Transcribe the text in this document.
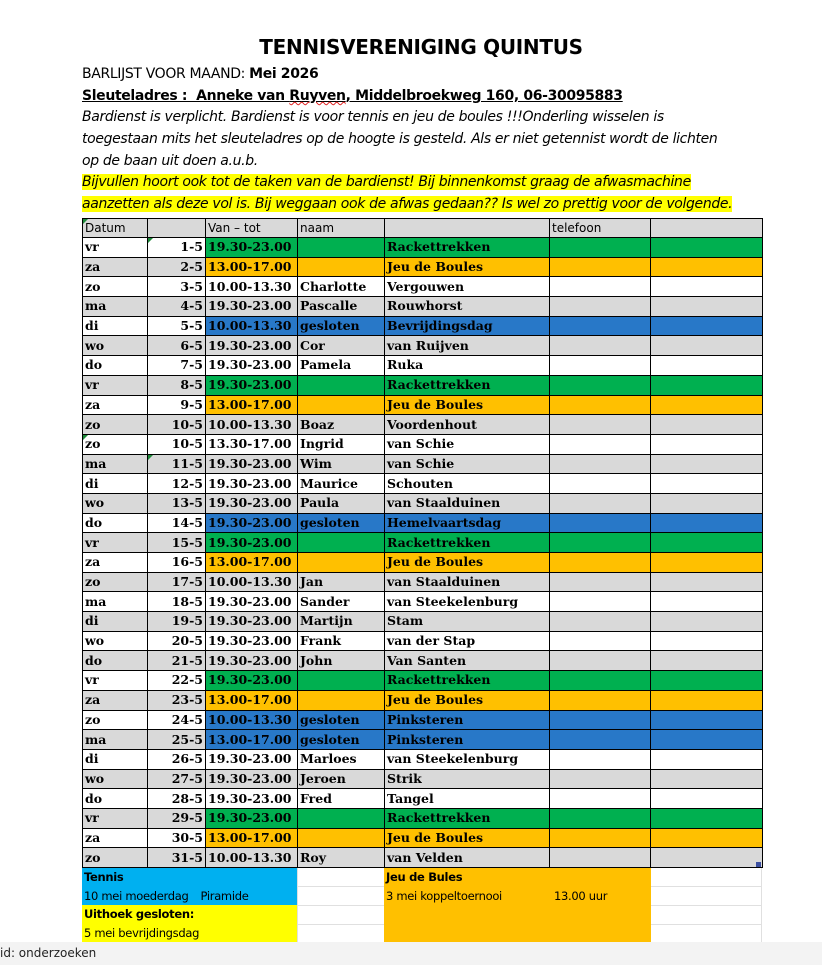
TENNISVERENIGING QUINTUS
BARLIJST VOOR MAAND: Mei 2026
Sleuteladres :  Anneke van Ruyven, Middelbroekweg 160, 06-30095883
Bardienst is verplicht. Bardienst is voor tennis en jeu de boules !!!Onderling wisselen is
toegestaan mits het sleuteladres op de hoogte is gesteld. Als er niet getennist wordt de lichten
op de baan uit doen a.u.b.
Bijvullen hoort ook tot de taken van de bardienst! Bij binnenkomst graag de afwasmachine
aanzetten als deze vol is. Bij weggaan ook de afwas gedaan?? Is wel zo prettig voor de volgende.
Datum		Van – tot	naam		telefoon	
vr	1-5	19.30-23.00		Rackettrekken		
za	2-5	13.00-17.00		Jeu de Boules		
zo	3-5	10.00-13.30	Charlotte	Vergouwen		
ma	4-5	19.30-23.00	Pascalle	Rouwhorst		
di	5-5	10.00-13.30	gesloten	Bevrijdingsdag		
wo	6-5	19.30-23.00	Cor	van Ruijven		
do	7-5	19.30-23.00	Pamela	Ruka		
vr	8-5	19.30-23.00		Rackettrekken		
za	9-5	13.00-17.00		Jeu de Boules		
zo	10-5	10.00-13.30	Boaz	Voordenhout		
zo	10-5	13.30-17.00	Ingrid	van Schie		
ma	11-5	19.30-23.00	Wim	van Schie		
di	12-5	19.30-23.00	Maurice	Schouten		
wo	13-5	19.30-23.00	Paula	van Staalduinen		
do	14-5	19.30-23.00	gesloten	Hemelvaartsdag		
vr	15-5	19.30-23.00		Rackettrekken		
za	16-5	13.00-17.00		Jeu de Boules		
zo	17-5	10.00-13.30	Jan	van Staalduinen		
ma	18-5	19.30-23.00	Sander	van Steekelenburg		
di	19-5	19.30-23.00	Martijn	Stam		
wo	20-5	19.30-23.00	Frank	van der Stap		
do	21-5	19.30-23.00	John	Van Santen		
vr	22-5	19.30-23.00		Rackettrekken		
za	23-5	13.00-17.00		Jeu de Boules		
zo	24-5	10.00-13.30	gesloten	Pinksteren		
ma	25-5	13.00-17.00	gesloten	Pinksteren		
di	26-5	19.30-23.00	Marloes	van Steekelenburg		
wo	27-5	19.30-23.00	Jeroen	Strik		
do	28-5	19.30-23.00	Fred	Tangel		
vr	29-5	19.30-23.00		Rackettrekken		
za	30-5	13.00-17.00		Jeu de Boules		
zo	31-5	10.00-13.30	Roy	van Velden		
Tennis
10 mei moederdag Piramide
Uithoek gesloten:
5 mei bevrijdingsdag
Jeu de Bules
3 mei koppeltoernooi	13.00 uur
id: onderzoeken
